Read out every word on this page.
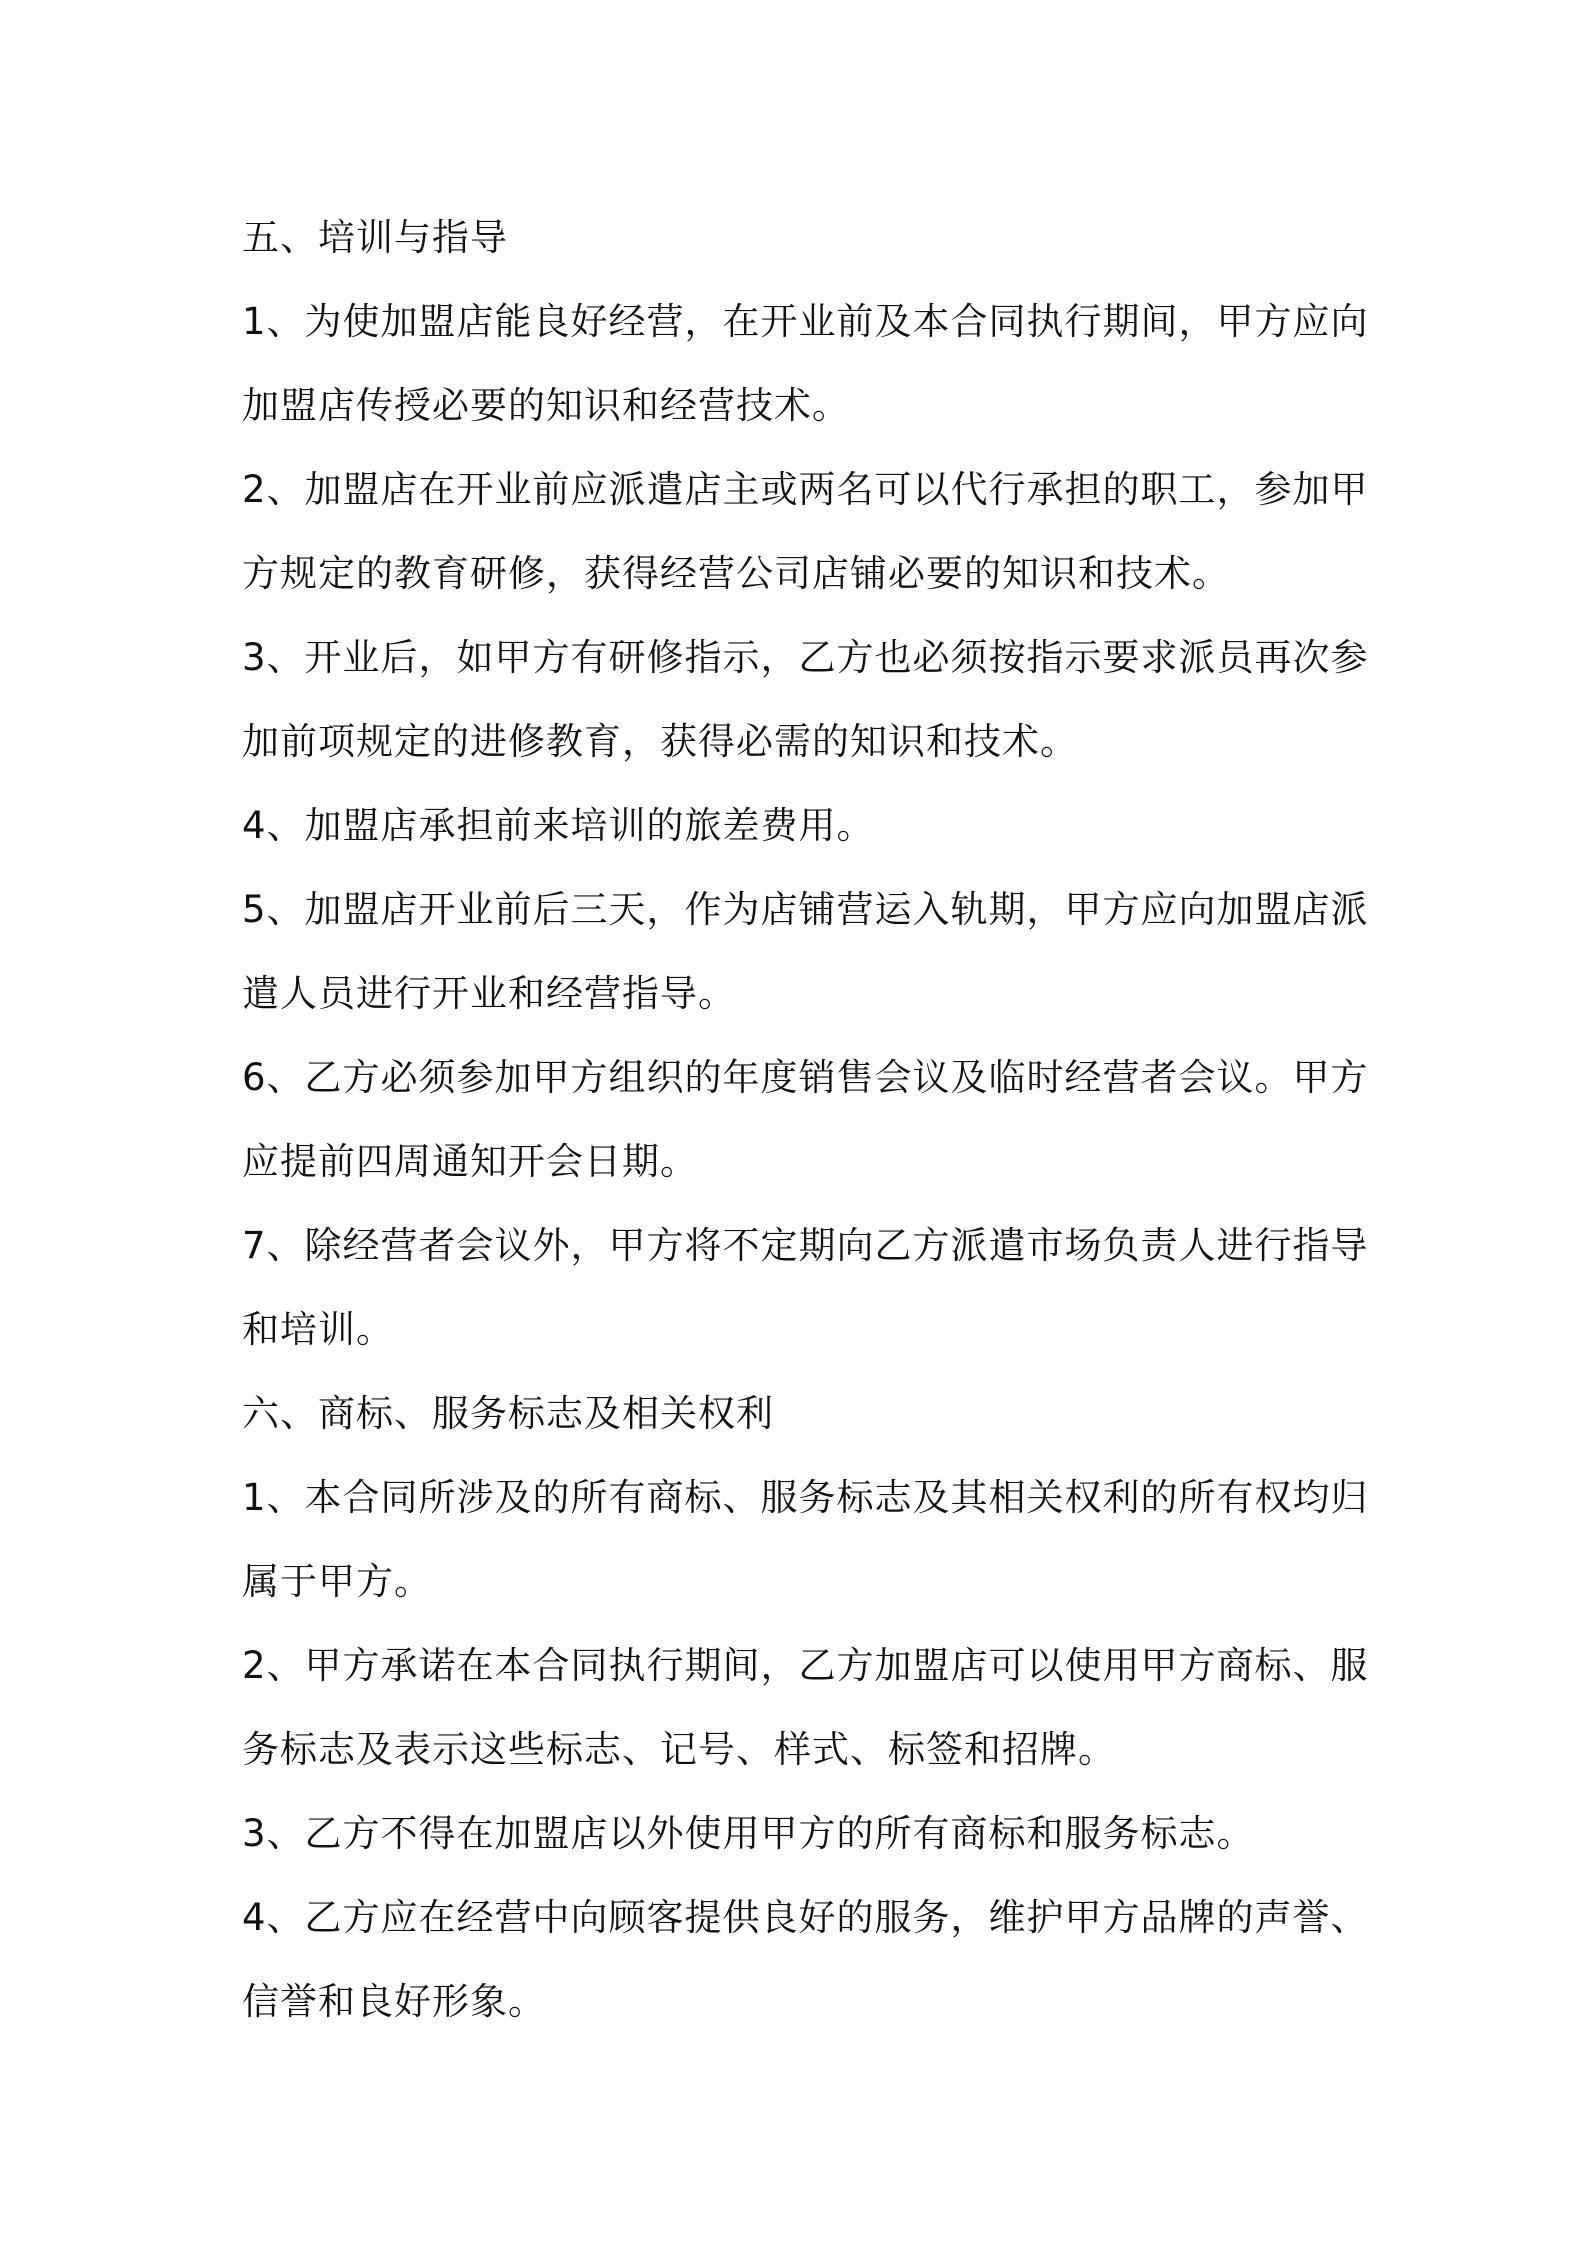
五、培训与指导

1、为使加盟店能良好经营，在开业前及本合同执行期间，甲方应向
加盟店传授必要的知识和经营技术。

2、加盟店在开业前应派遣店主或两名可以代行承担的职工，参加甲
方规定的教育研修，获得经营公司店铺必要的知识和技术。

3、开业后，如甲方有研修指示，乙方也必须按指示要求派员再次参
加前项规定的进修教育，获得必需的知识和技术。

4、加盟店承担前来培训的旅差费用。

5、加盟店开业前后三天，作为店铺营运入轨期，甲方应向加盟店派
遣人员进行开业和经营指导。

6、乙方必须参加甲方组织的年度销售会议及临时经营者会议。甲方
应提前四周通知开会日期。

7、除经营者会议外，甲方将不定期向乙方派遣市场负责人进行指导
和培训。

六、商标、服务标志及相关权利

1、本合同所涉及的所有商标、服务标志及其相关权利的所有权均归
属于甲方。

2、甲方承诺在本合同执行期间，乙方加盟店可以使用甲方商标、服
务标志及表示这些标志、记号、样式、标签和招牌。

3、乙方不得在加盟店以外使用甲方的所有商标和服务标志。

4、乙方应在经营中向顾客提供良好的服务，维护甲方品牌的声誉、
信誉和良好形象。
